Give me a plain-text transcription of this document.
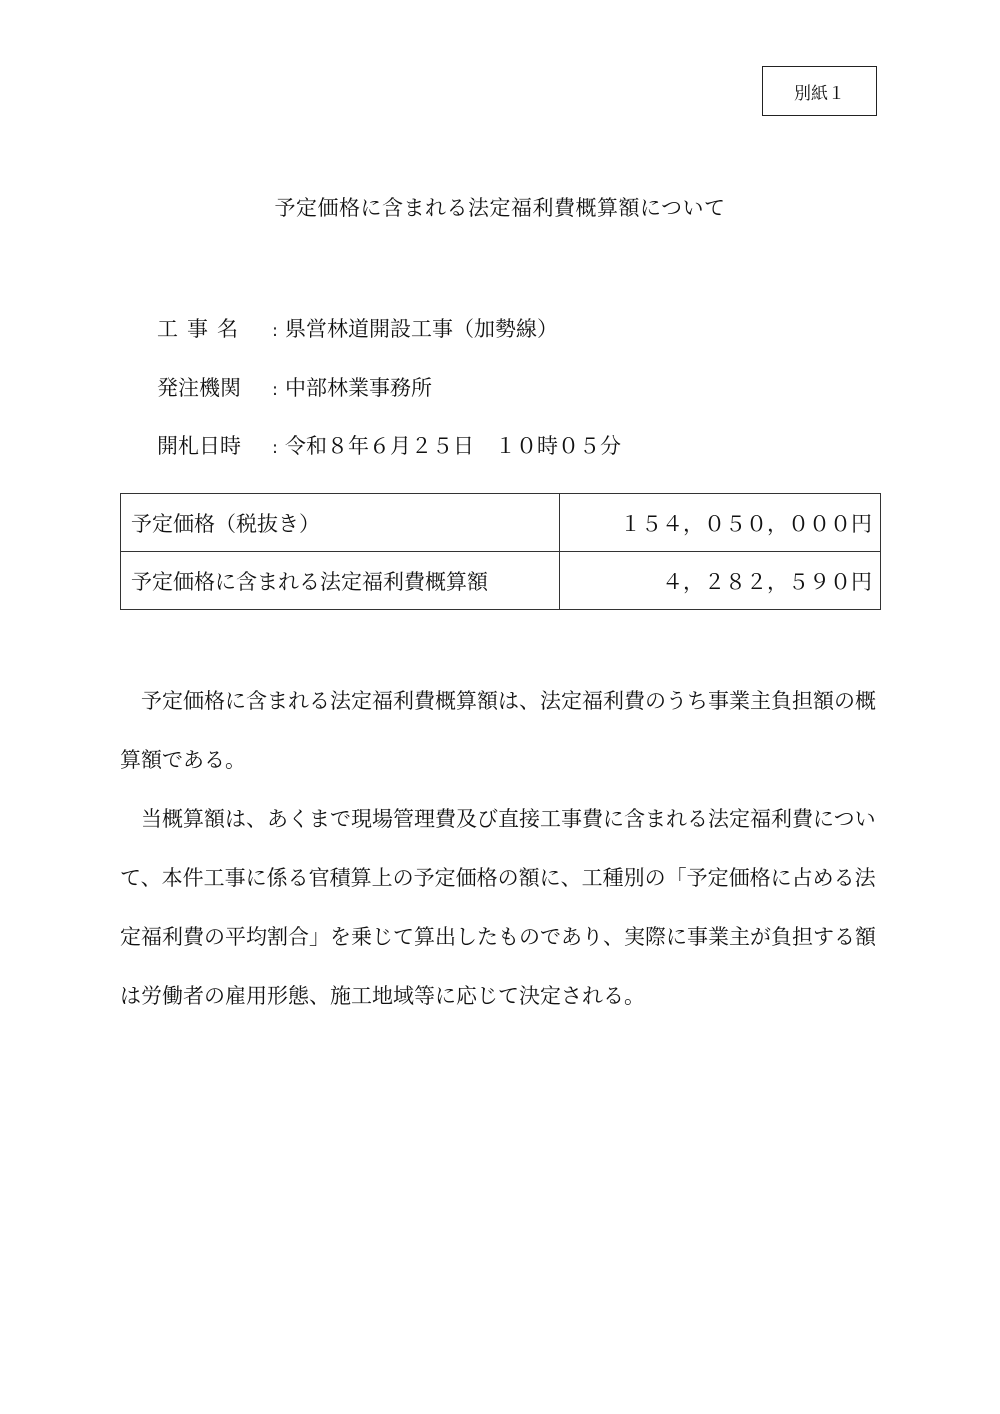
別紙１
予定価格に含まれる法定福利費概算額について
工事名 : 県営林道開設工事（加勢線）
発注機関 : 中部林業事務所
開札日時 : 令和８年６月２５日　１０時０５分
予定価格（税抜き）	１５４，０５０，０００円
予定価格に含まれる法定福利費概算額	４，２８２，５９０円

予定価格に含まれる法定福利費概算額は、法定福利費のうち事業主負担額の概算額である。

当概算額は、あくまで現場管理費及び直接工事費に含まれる法定福利費について、本件工事に係る官積算上の予定価格の額に、工種別の「予定価格に占める法定福利費の平均割合」を乗じて算出したものであり、実際に事業主が負担する額は労働者の雇用形態、施工地域等に応じて決定される。
